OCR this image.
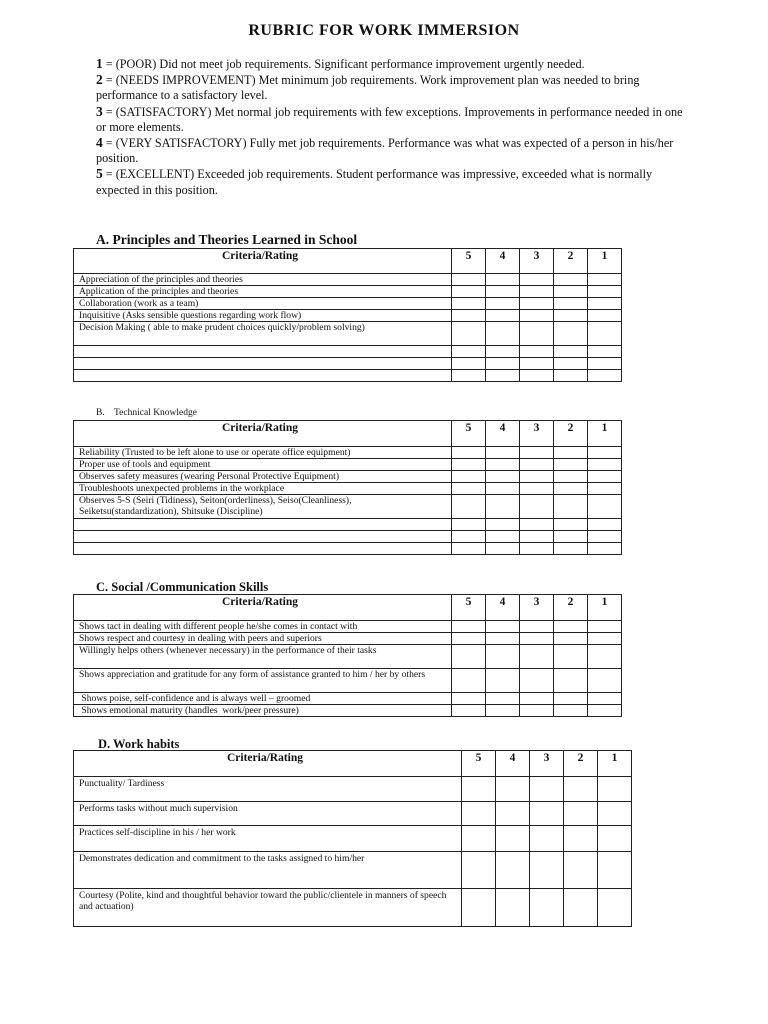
RUBRIC FOR WORK IMMERSION
1 = (POOR) Did not meet job requirements. Significant performance improvement urgently needed.
2 = (NEEDS IMPROVEMENT) Met minimum job requirements. Work improvement plan was needed to bring performance to a satisfactory level.
3 = (SATISFACTORY) Met normal job requirements with few exceptions. Improvements in performance needed in one or more elements.
4 = (VERY SATISFACTORY) Fully met job requirements. Performance was what was expected of a person in his/her position.
5 = (EXCELLENT) Exceeded job requirements. Student performance was impressive, exceeded what is normally expected in this position.
A. Principles and Theories Learned in School
Criteria/Rating	5	4	3	2	1
Appreciation of the principles and theories					
Application of the principles and theories					
Collaboration (work as a team)					
Inquisitive (Asks sensible questions regarding work flow)					
Decision Making ( able to make prudent choices quickly/problem solving)					

B.    Technical Knowledge
Criteria/Rating	5	4	3	2	1
Reliability (Trusted to be left alone to use or operate office equipment)					
Proper use of tools and equipment					
Observes safety measures (wearing Personal Protective Equipment)					
Troubleshoots unexpected problems in the workplace					
Observes 5-S (Seiri (Tidiness), Seiton(orderliness), Seiso(Cleanliness), Seiketsu(standardization), Shitsuke (Discipline)					

C. Social /Communication Skills
Criteria/Rating	5	4	3	2	1
Shows tact in dealing with different people he/she comes in contact with					
Shows respect and courtesy in dealing with peers and superiors					
Willingly helps others (whenever necessary) in the performance of their tasks					
Shows appreciation and gratitude for any form of assistance granted to him / her by others					
Shows poise, self-confidence and is always well – groomed					
Shows emotional maturity (handles  work/peer pressure)					
D. Work habits
Criteria/Rating	5	4	3	2	1
Punctuality/ Tardiness					
Performs tasks without much supervision					
Practices self-discipline in his / her work					
Demonstrates dedication and commitment to the tasks assigned to him/her					
Courtesy (Polite, kind and thoughtful behavior toward the public/clientele in manners of speech and actuation)					
